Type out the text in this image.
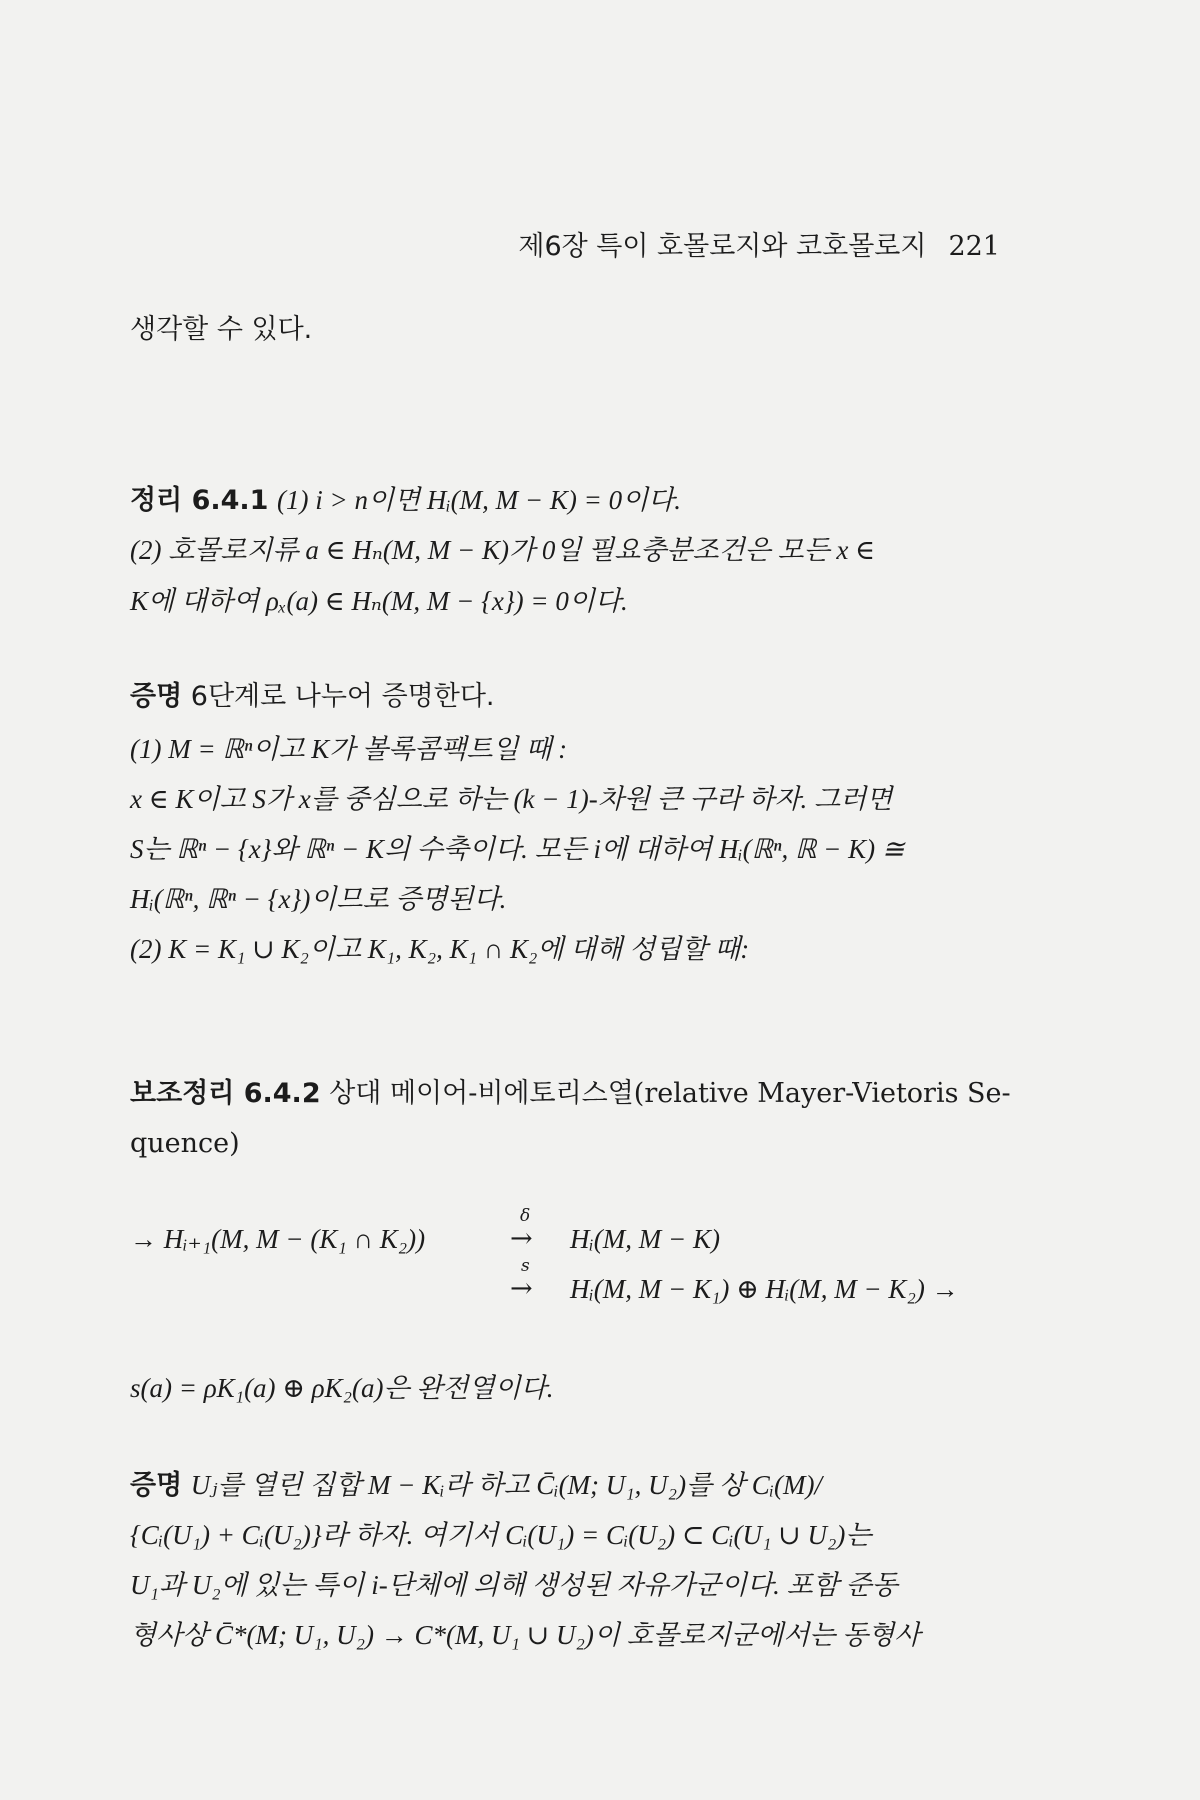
제6장 특이 호몰로지와 코호몰로지 221
생각할 수 있다.
정리 6.4.1 (1) i > n이면 Hᵢ(M, M − K) = 0이다.
(2) 호몰로지류 a ∈ Hₙ(M, M − K)가 0일 필요충분조건은 모든 x ∈
K에 대하여 ρₓ(a) ∈ Hₙ(M, M − {x}) = 0이다.
증명 6단계로 나누어 증명한다.
(1) M = ℝⁿ이고 K가 볼록콤팩트일 때 :
x ∈ K이고 S가 x를 중심으로 하는 (k − 1)-차원 큰 구라 하자. 그러면
S는 ℝⁿ − {x}와 ℝⁿ − K의 수축이다. 모든 i에 대하여 Hᵢ(ℝⁿ, ℝ − K) ≅
Hᵢ(ℝⁿ, ℝⁿ − {x})이므로 증명된다.
(2) K = K₁ ∪ K₂이고 K₁, K₂, K₁ ∩ K₂에 대해 성립할 때:
보조정리 6.4.2 상대 메이어-비에토리스열(relative Mayer-Vietoris Se-
quence)
→ Hᵢ₊₁(M, M − (K₁ ∩ K₂))	→
δ
Hᵢ(M, M − K)
→
s
Hᵢ(M, M − K₁) ⊕ Hᵢ(M, M − K₂) →
s(a) = ρK₁(a) ⊕ ρK₂(a)은 완전열이다.
증명 Uⱼ를 열린 집합 M − Kᵢ라 하고 C̄ᵢ(M; U₁, U₂)를 상 Cᵢ(M)/
{Cᵢ(U₁) + Cᵢ(U₂)}라 하자. 여기서 Cᵢ(U₁) = Cᵢ(U₂) ⊂ Cᵢ(U₁ ∪ U₂)는
U₁과 U₂에 있는 특이 i-단체에 의해 생성된 자유가군이다. 포함 준동
형사상 C̄*(M; U₁, U₂) → C*(M, U₁ ∪ U₂)이 호몰로지군에서는 동형사
